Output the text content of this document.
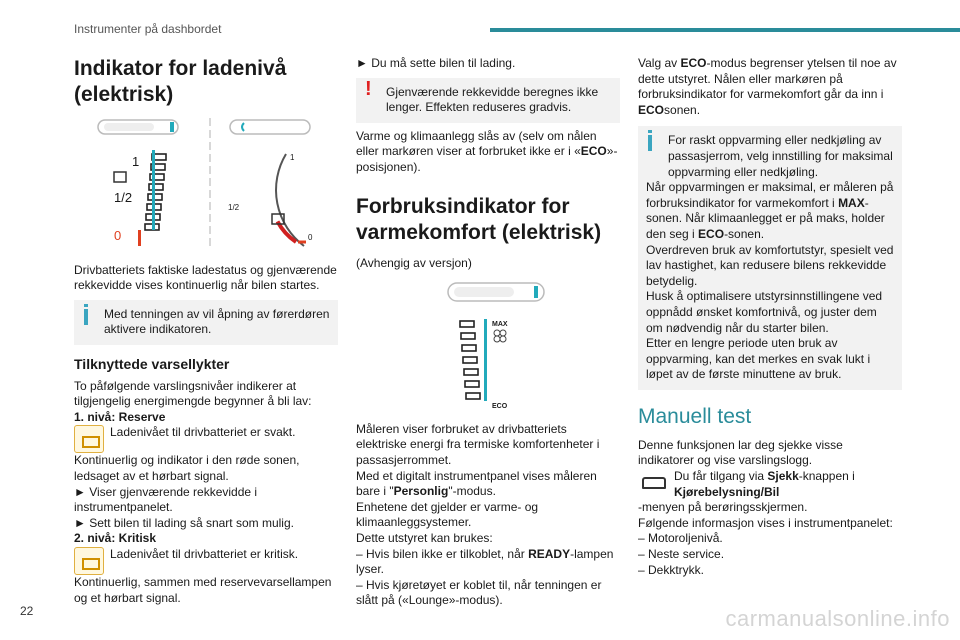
Instrumenter på dashbordet
Indikator for ladenivå (elektrisk)
1
1/2
0
1
1/2
0

Drivbatteriets faktiske ladestatus og gjenværende rekkevidde vises kontinuerlig når bilen startes.

Med tenningen av vil åpning av førerdøren aktivere indikatoren.

Tilknyttede varsellykter

To påfølgende varslingsnivåer indikerer at tilgjengelig energimengde begynner å bli lav:

1. nivå: Reserve

Ladenivået til drivbatteriet er svakt.

Kontinuerlig og indikator i den røde sonen, ledsaget av et hørbart signal.

► Viser gjenværende rekkevidde i instrumentpanelet.

► Sett bilen til lading så snart som mulig.

2. nivå: Kritisk

Ladenivået til drivbatteriet er kritisk.

Kontinuerlig, sammen med reservevarsellampen og et hørbart signal.

► Du må sette bilen til lading.

! Gjenværende rekkevidde beregnes ikke lenger. Effekten reduseres gradvis.

Varme og klimaanlegg slås av (selv om nålen eller markøren viser at forbruket ikke er i «ECO»-posisjonen).

Forbruksindikator for varmekomfort (elektrisk)

(Avhengig av versjon)

MAX
ECO

Måleren viser forbruket av drivbatteriets elektriske energi fra termiske komfortenheter i passasjerrommet.

Med et digitalt instrumentpanel vises måleren bare i "Personlig"-modus.

Enhetene det gjelder er varme- og klimaanleggsystemer.

Dette utstyret kan brukes:

– Hvis bilen ikke er tilkoblet, når READY-lampen lyser.

– Hvis kjøretøyet er koblet til, når tenningen er slått på («Lounge»-modus).

Valg av ECO-modus begrenser ytelsen til noe av dette utstyret. Nålen eller markøren på forbruksindikator for varmekomfort går da inn i ECOsonen.

For raskt oppvarming eller nedkjøling av passasjerrom, velg innstilling for maksimal oppvarming eller nedkjøling.

Når oppvarmingen er maksimal, er måleren på forbruksindikator for varmekomfort i MAX-sonen. Når klimaanlegget er på maks, holder den seg i ECO-sonen.

Overdreven bruk av komfortutstyr, spesielt ved lav hastighet, kan redusere bilens rekkevidde betydelig.

Husk å optimalisere utstyrsinnstillingene ved oppnådd ønsket komfortnivå, og juster dem om nødvendig når du starter bilen.

Etter en lengre periode uten bruk av oppvarming, kan det merkes en svak lukt i løpet av de første minuttene av bruk.

Manuell test

Denne funksjonen lar deg sjekke visse indikatorer og vise varslingslogg.

Du får tilgang via Sjekk-knappen i Kjørebelysning/Bil

-menyen på berøringsskjermen.

Følgende informasjon vises i instrumentpanelet:

– Motoroljenivå.

– Neste service.

– Dekktrykk.

22	carmanualsonline.info
